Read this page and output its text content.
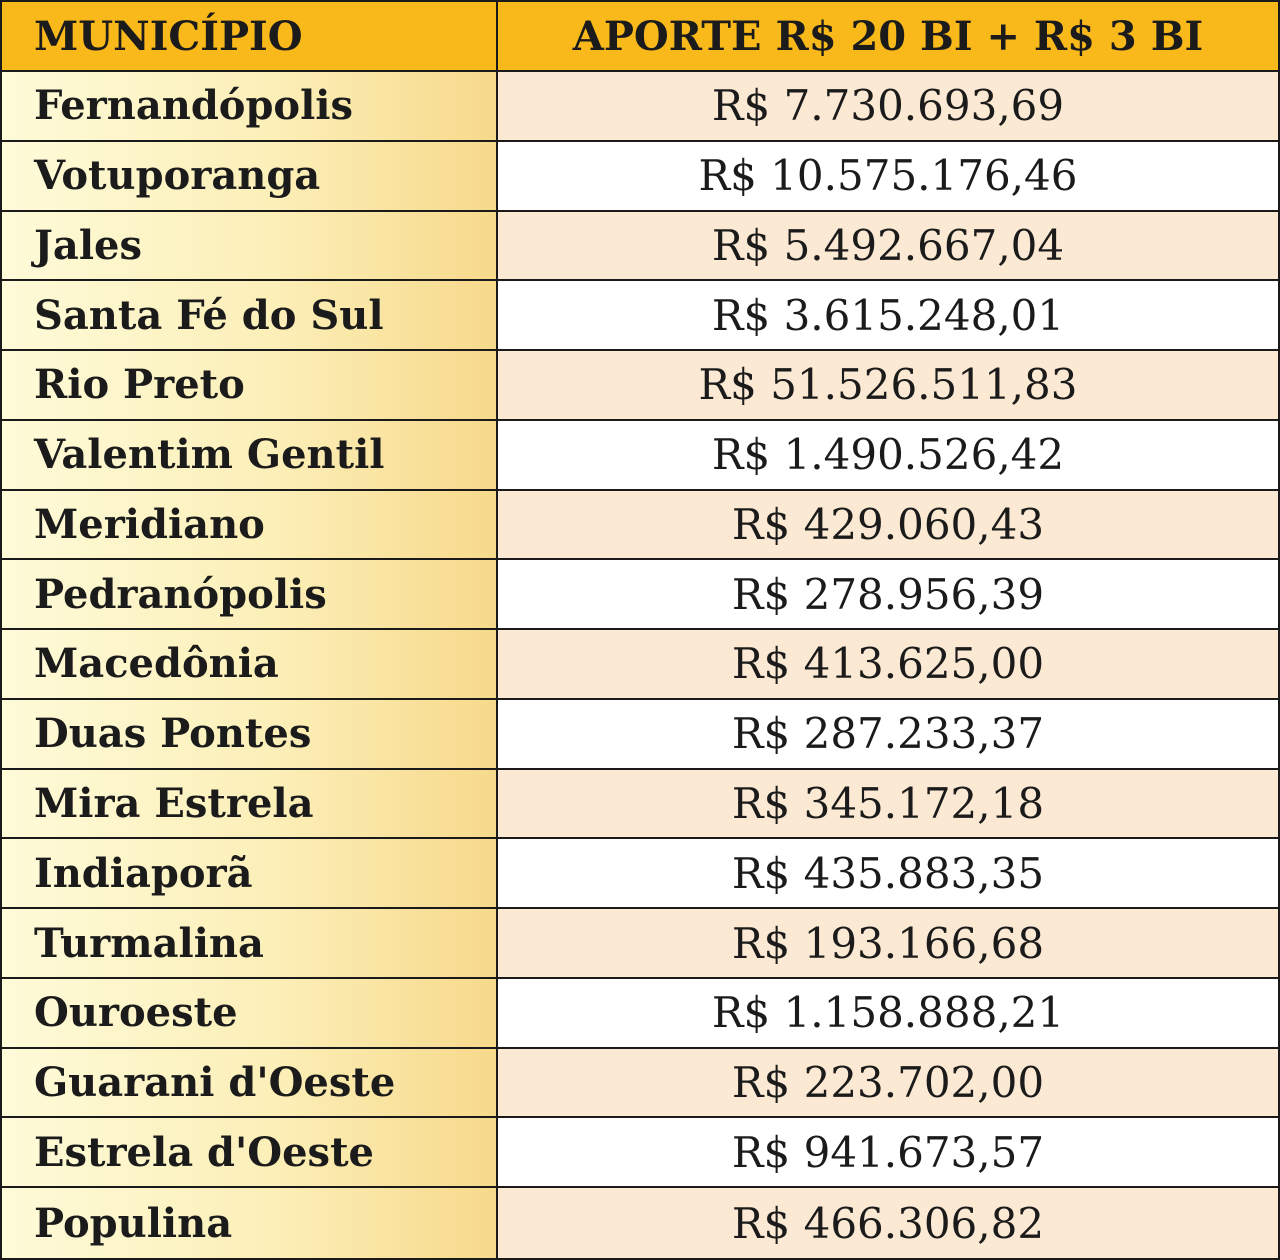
MUNICÍPIO	APORTE R$ 20 BI + R$ 3 BI
Fernandópolis	R$ 7.730.693,69
Votuporanga	R$ 10.575.176,46
Jales	R$ 5.492.667,04
Santa Fé do Sul	R$ 3.615.248,01
Rio Preto	R$ 51.526.511,83
Valentim Gentil	R$ 1.490.526,42
Meridiano	R$ 429.060,43
Pedranópolis	R$ 278.956,39
Macedônia	R$ 413.625,00
Duas Pontes	R$ 287.233,37
Mira Estrela	R$ 345.172,18
Indiaporã	R$ 435.883,35
Turmalina	R$ 193.166,68
Ouroeste	R$ 1.158.888,21
Guarani d'Oeste	R$ 223.702,00
Estrela d'Oeste	R$ 941.673,57
Populina	R$ 466.306,82
